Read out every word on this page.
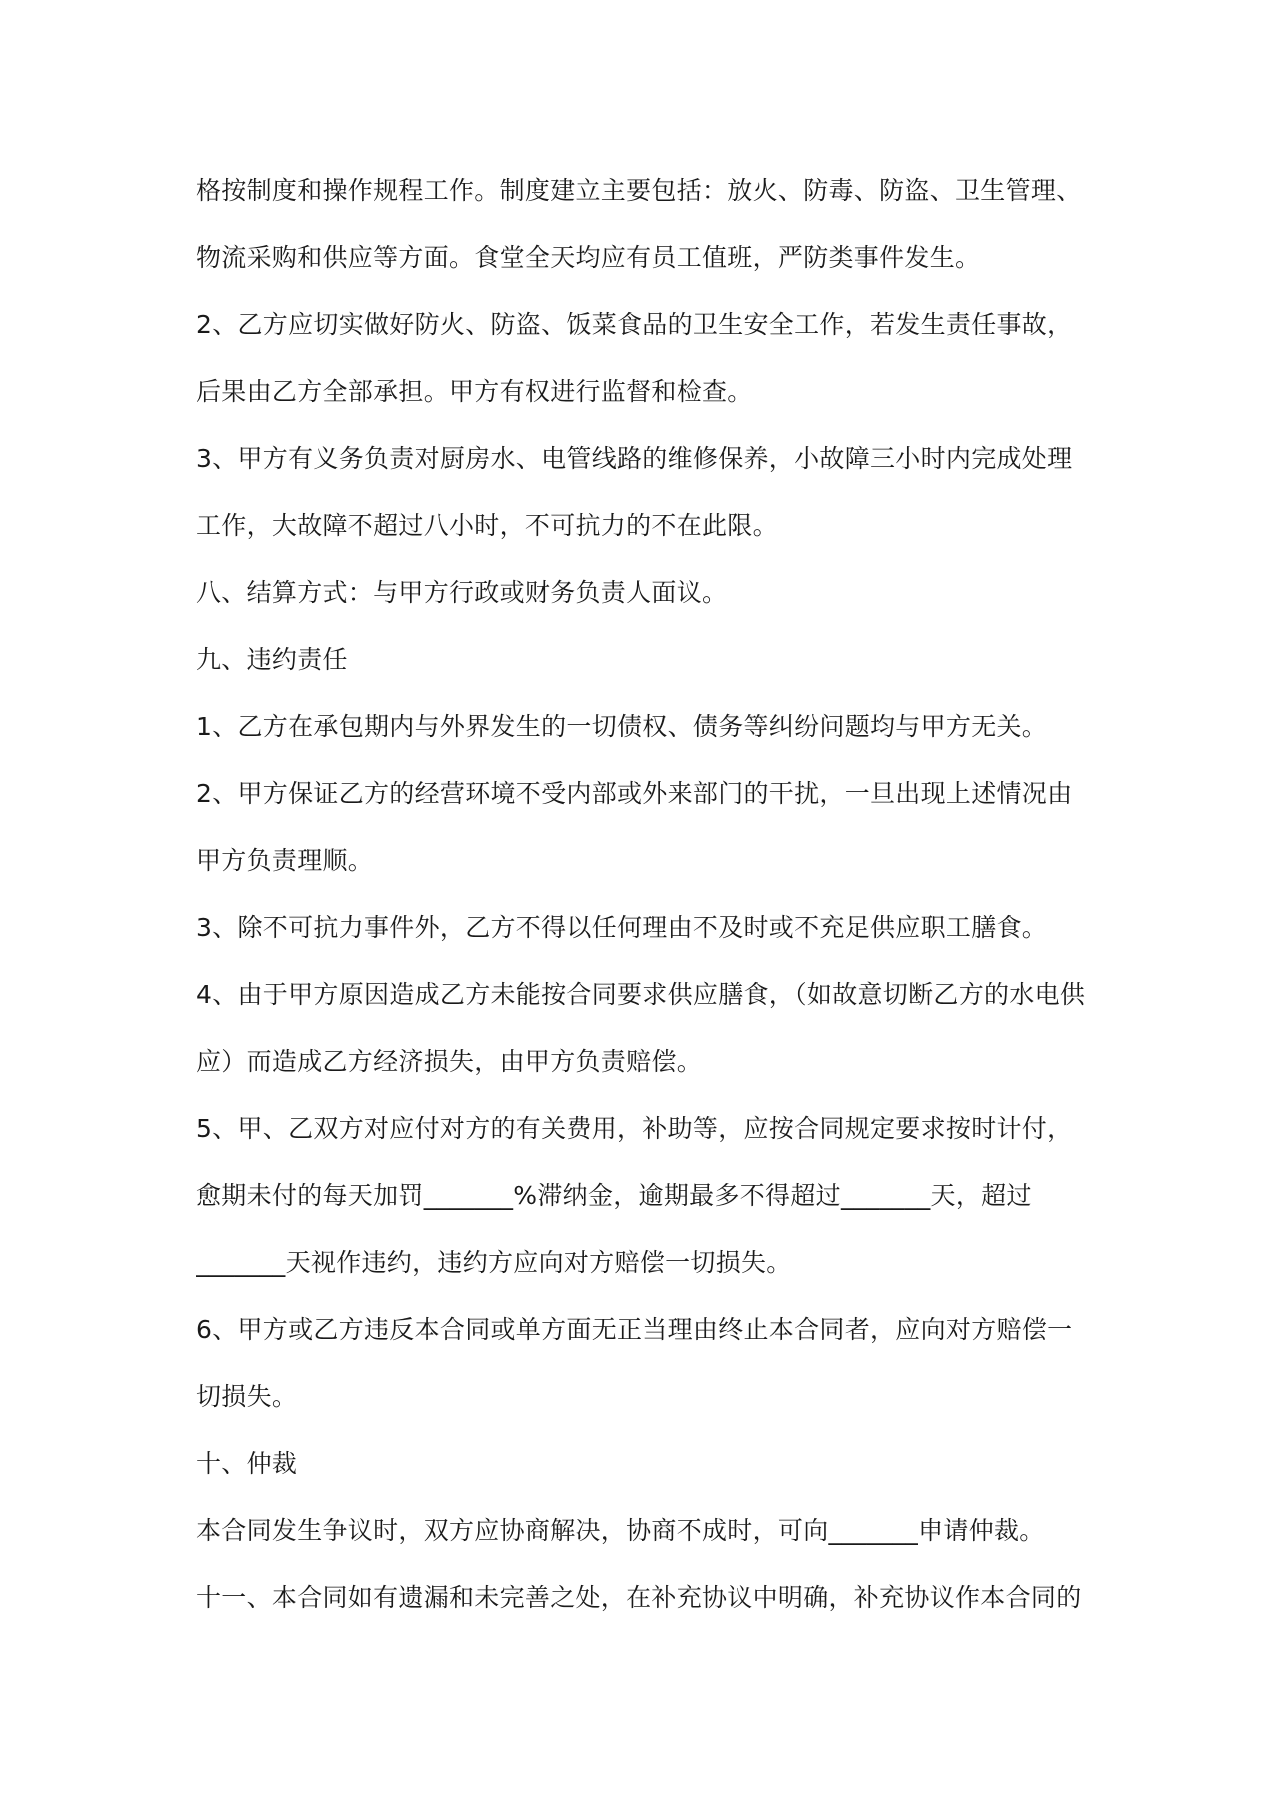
格按制度和操作规程工作。制度建立主要包括：放火、防毒、防盗、卫生管理、
物流采购和供应等方面。食堂全天均应有员工值班，严防类事件发生。
2、乙方应切实做好防火、防盗、饭菜食品的卫生安全工作，若发生责任事故，
后果由乙方全部承担。甲方有权进行监督和检查。
3、甲方有义务负责对厨房水、电管线路的维修保养，小故障三小时内完成处理
工作，大故障不超过八小时，不可抗力的不在此限。
八、结算方式：与甲方行政或财务负责人面议。
九、违约责任
1、乙方在承包期内与外界发生的一切债权、债务等纠纷问题均与甲方无关。
2、甲方保证乙方的经营环境不受内部或外来部门的干扰，一旦出现上述情况由
甲方负责理顺。
3、除不可抗力事件外，乙方不得以任何理由不及时或不充足供应职工膳食。
4、由于甲方原因造成乙方未能按合同要求供应膳食，（如故意切断乙方的水电供
应）而造成乙方经济损失，由甲方负责赔偿。
5、甲、乙双方对应付对方的有关费用，补助等，应按合同规定要求按时计付，
愈期未付的每天加罚_______%滞纳金，逾期最多不得超过_______天，超过
_______天视作违约，违约方应向对方赔偿一切损失。
6、甲方或乙方违反本合同或单方面无正当理由终止本合同者，应向对方赔偿一
切损失。
十、仲裁
本合同发生争议时，双方应协商解决，协商不成时，可向_______申请仲裁。
十一、本合同如有遗漏和未完善之处，在补充协议中明确，补充协议作本合同的
